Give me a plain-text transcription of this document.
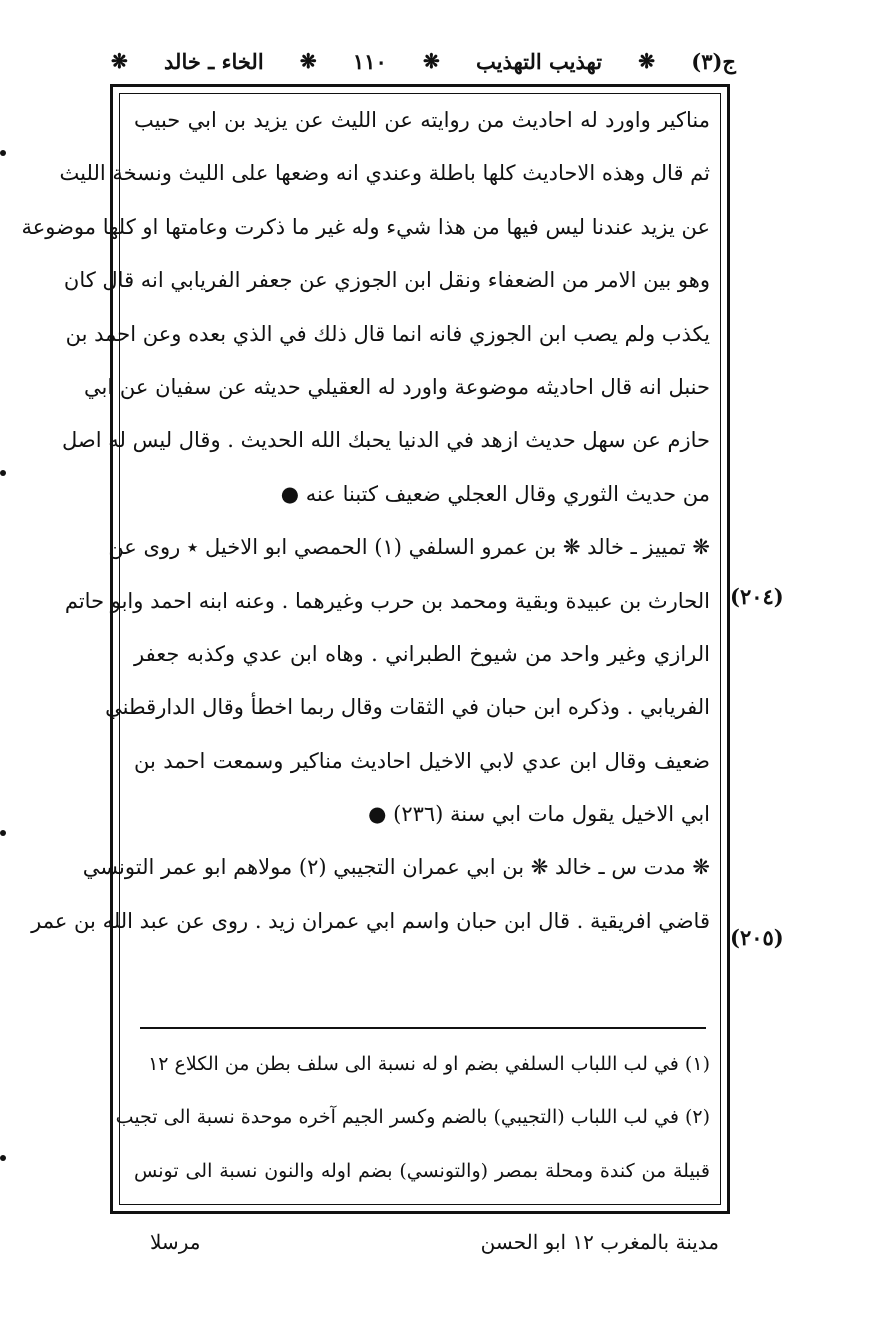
ج(٣)
❋
تهذيب التهذيب
❋
١١٠
❋
الخاء ـ خالد
❋
مناكير واورد له احاديث من روايته عن الليث عن يزيد بن ابي حبيب
ثم قال وهذه الاحاديث كلها باطلة وعندي انه وضعها على الليث ونسخة الليث
عن يزيد عندنا ليس فيها من هذا شيء وله غير ما ذكرت وعامتها او كلها موضوعة
وهو بين الامر من الضعفاء ونقل ابن الجوزي عن جعفر الفريابي انه قال كان
يكذب ولم يصب ابن الجوزي فانه انما قال ذلك في الذي بعده وعن احمد بن
حنبل انه قال احاديثه موضوعة واورد له العقيلي حديثه عن سفيان عن ابي
حازم عن سهل حديث ازهد في الدنيا يحبك الله الحديث . وقال ليس له اصل
من حديث الثوري وقال العجلي ضعيف كتبنا عنه ●
❋ تمييز ـ خالد ❋ بن عمرو السلفي (١) الحمصي ابو الاخيل ٭ روى عن
الحارث بن عبيدة وبقية ومحمد بن حرب وغيرهما . وعنه ابنه احمد وابو حاتم
الرازي وغير واحد من شيوخ الطبراني . وهاه ابن عدي وكذبه جعفر
الفريابي . وذكره ابن حبان في الثقات وقال ربما اخطأ وقال الدارقطني
ضعيف وقال ابن عدي لابي الاخيل احاديث مناكير وسمعت احمد بن
ابي الاخيل يقول مات ابي سنة (٢٣٦) ●
❋ مدت س ـ خالد ❋ بن ابي عمران التجيبي (٢) مولاهم ابو عمر التونسي
قاضي افريقية . قال ابن حبان واسم ابي عمران زيد . روى عن عبد الله بن عمر
(٢٠٤)
(٢٠٥)
(١) في لب اللباب السلفي بضم او له نسبة الى سلف بطن من الكلاع ١٢
(٢) في لب اللباب (التجيبي) بالضم وكسر الجيم آخره موحدة نسبة الى تجيب
قبيلة من كندة ومحلة بمصر (والتونسي) بضم اوله والنون نسبة الى تونس
مدينة بالمغرب ١٢ ابو الحسن
مرسلا
